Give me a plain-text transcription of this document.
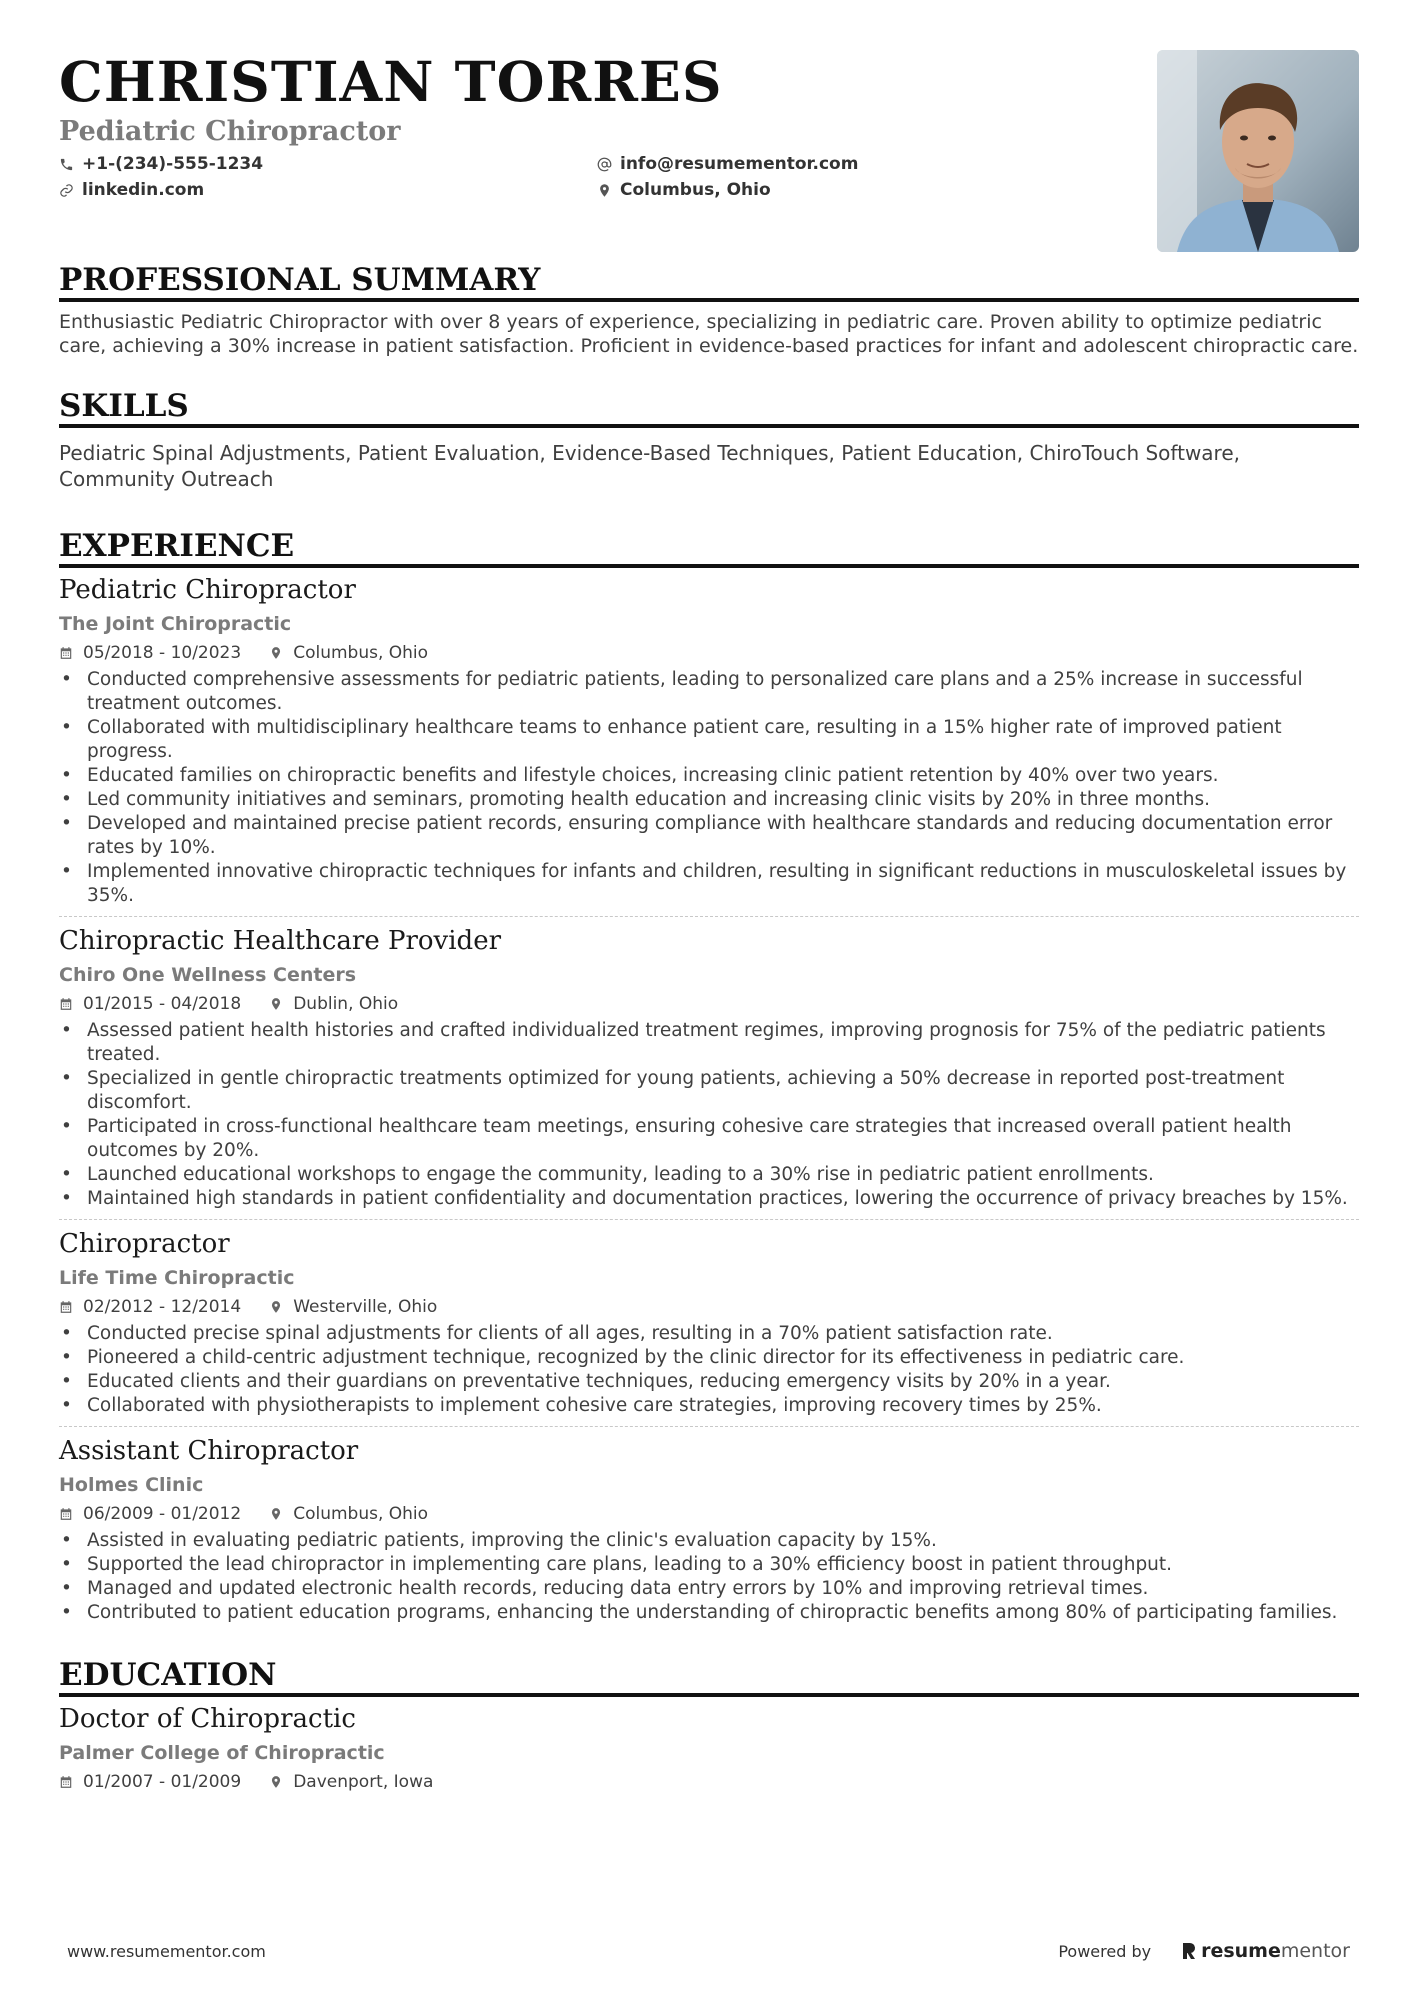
CHRISTIAN TORRES
Pediatric Chiropractor
+1-(234)-555-1234	info@resumementor.com
linkedin.com	Columbus, Ohio
PROFESSIONAL SUMMARY
Enthusiastic Pediatric Chiropractor with over 8 years of experience, specializing in pediatric care. Proven ability to optimize pediatric care, achieving a 30% increase in patient satisfaction. Proficient in evidence-based practices for infant and adolescent chiropractic care.
SKILLS
Pediatric Spinal Adjustments, Patient Evaluation, Evidence-Based Techniques, Patient Education, ChiroTouch Software, Community Outreach
EXPERIENCE
Pediatric Chiropractor
The Joint Chiropractic
05/2018 - 10/2023	Columbus, Ohio
• Conducted comprehensive assessments for pediatric patients, leading to personalized care plans and a 25% increase in successful treatment outcomes.
• Collaborated with multidisciplinary healthcare teams to enhance patient care, resulting in a 15% higher rate of improved patient progress.
• Educated families on chiropractic benefits and lifestyle choices, increasing clinic patient retention by 40% over two years.
• Led community initiatives and seminars, promoting health education and increasing clinic visits by 20% in three months.
• Developed and maintained precise patient records, ensuring compliance with healthcare standards and reducing documentation error rates by 10%.
• Implemented innovative chiropractic techniques for infants and children, resulting in significant reductions in musculoskeletal issues by 35%.
Chiropractic Healthcare Provider
Chiro One Wellness Centers
01/2015 - 04/2018	Dublin, Ohio
• Assessed patient health histories and crafted individualized treatment regimes, improving prognosis for 75% of the pediatric patients treated.
• Specialized in gentle chiropractic treatments optimized for young patients, achieving a 50% decrease in reported post-treatment discomfort.
• Participated in cross-functional healthcare team meetings, ensuring cohesive care strategies that increased overall patient health outcomes by 20%.
• Launched educational workshops to engage the community, leading to a 30% rise in pediatric patient enrollments.
• Maintained high standards in patient confidentiality and documentation practices, lowering the occurrence of privacy breaches by 15%.
Chiropractor
Life Time Chiropractic
02/2012 - 12/2014	Westerville, Ohio
• Conducted precise spinal adjustments for clients of all ages, resulting in a 70% patient satisfaction rate.
• Pioneered a child-centric adjustment technique, recognized by the clinic director for its effectiveness in pediatric care.
• Educated clients and their guardians on preventative techniques, reducing emergency visits by 20% in a year.
• Collaborated with physiotherapists to implement cohesive care strategies, improving recovery times by 25%.
Assistant Chiropractor
Holmes Clinic
06/2009 - 01/2012	Columbus, Ohio
• Assisted in evaluating pediatric patients, improving the clinic's evaluation capacity by 15%.
• Supported the lead chiropractor in implementing care plans, leading to a 30% efficiency boost in patient throughput.
• Managed and updated electronic health records, reducing data entry errors by 10% and improving retrieval times.
• Contributed to patient education programs, enhancing the understanding of chiropractic benefits among 80% of participating families.
EDUCATION
Doctor of Chiropractic
Palmer College of Chiropractic
01/2007 - 01/2009	Davenport, Iowa
www.resumementor.com	Powered by	resume mentor
